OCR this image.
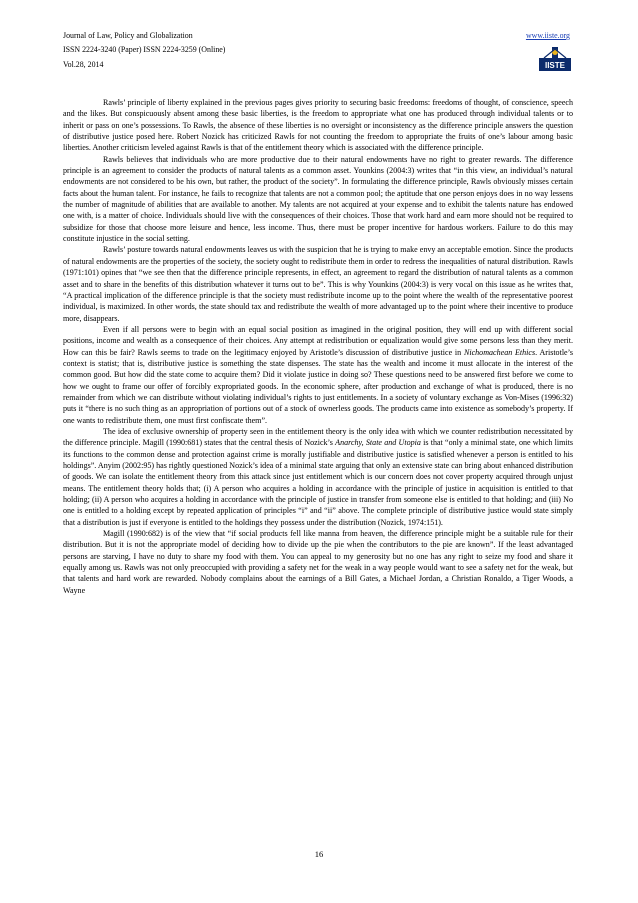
Journal of Law, Policy and Globalization
ISSN 2224-3240 (Paper) ISSN 2224-3259 (Online)
Vol.28, 2014
www.iiste.org
IISTE

Rawls’ principle of liberty explained in the previous pages gives priority to securing basic freedoms: freedoms of thought, of conscience, speech and the likes. But conspicuously absent among these basic liberties, is the freedom to appropriate what one has produced through individual talents or to inherit or pass on one’s possessions. To Rawls, the absence of these liberties is no oversight or inconsistency as the difference principle answers the question of distributive justice posed here. Robert Nozick has criticized Rawls for not counting the freedom to appropriate the fruits of one’s labour among basic liberties. Another criticism leveled against Rawls is that of the entitlement theory which is associated with the difference principle.

Rawls believes that individuals who are more productive due to their natural endowments have no right to greater rewards. The difference principle is an agreement to consider the products of natural talents as a common asset. Younkins (2004:3) writes that “in this view, an individual’s natural endowments are not considered to be his own, but rather, the product of the society”. In formulating the difference principle, Rawls obviously misses certain facts about the human talent. For instance, he fails to recognize that talents are not a common pool; the aptitude that one person enjoys does in no way lessens the number of magnitude of abilities that are available to another. My talents are not acquired at your expense and to exhibit the talents nature has endowed one with, is a matter of choice. Individuals should live with the consequences of their choices. Those that work hard and earn more should not be required to subsidize for those that choose more leisure and hence, less income. Thus, there must be proper incentive for hardous workers. Failure to do this may constitute injustice in the social setting.

Rawls’ posture towards natural endowments leaves us with the suspicion that he is trying to make envy an acceptable emotion. Since the products of natural endowments are the properties of the society, the society ought to redistribute them in order to redress the inequalities of natural distribution. Rawls (1971:101) opines that “we see then that the difference principle represents, in effect, an agreement to regard the distribution of natural talents as a common asset and to share in the benefits of this distribution whatever it turns out to be”. This is why Younkins (2004:3) is very vocal on this issue as he writes that, “A practical implication of the difference principle is that the society must redistribute income up to the point where the wealth of the representative poorest individual, is maximized. In other words, the state should tax and redistribute the wealth of more advantaged up to the point where their incentive to produce more, disappears.

Even if all persons were to begin with an equal social position as imagined in the original position, they will end up with different social positions, income and wealth as a consequence of their choices. Any attempt at redistribution or equalization would give some persons less than they merit. How can this be fair? Rawls seems to trade on the legitimacy enjoyed by Aristotle’s discussion of distributive justice in Nichomachean Ethics. Aristotle’s context is statist; that is, distributive justice is something the state dispenses. The state has the wealth and income it must allocate in the interest of the common good. But how did the state come to acquire them? Did it violate justice in doing so? These questions need to be answered first before we come to how we ought to frame our offer of forcibly expropriated goods. In the economic sphere, after production and exchange of what is produced, there is no remainder from which we can distribute without violating individual’s rights to just entitlements. In a society of voluntary exchange as Von-Mises (1996:32) puts it “there is no such thing as an appropriation of portions out of a stock of ownerless goods. The products came into existence as somebody’s property. If one wants to redistribute them, one must first confiscate them”.

The idea of exclusive ownership of property seen in the entitlement theory is the only idea with which we counter redistribution necessitated by the difference principle. Magill (1990:681) states that the central thesis of Nozick’s Anarchy, State and Utopia is that “only a minimal state, one which limits its functions to the common dense and protection against crime is morally justifiable and distributive justice is satisfied whenever a person is entitled to his holdings”. Anyim (2002:95) has rightly questioned Nozick’s idea of a minimal state arguing that only an extensive state can bring about enhanced distribution of goods. We can isolate the entitlement theory from this attack since just entitlement which is our concern does not cover property acquired through unjust means. The entitlement theory holds that; (i) A person who acquires a holding in accordance with the principle of justice in acquisition is entitled to that holding; (ii) A person who acquires a holding in accordance with the principle of justice in transfer from someone else is entitled to that holding; and (iii) No one is entitled to a holding except by repeated application of principles “i” and “ii” above. The complete principle of distributive justice would state simply that a distribution is just if everyone is entitled to the holdings they possess under the distribution (Nozick, 1974:151).

Magill (1990:682) is of the view that “if social products fell like manna from heaven, the difference principle might be a suitable rule for their distribution. But it is not the appropriate model of deciding how to divide up the pie when the contributors to the pie are known”. If the least advantaged persons are starving, I have no duty to share my food with them. You can appeal to my generosity but no one has any right to seize my food and share it equally among us. Rawls was not only preoccupied with providing a safety net for the weak in a way people would want to see a safety net for the weak, but that talents and hard work are rewarded. Nobody complains about the earnings of a Bill Gates, a Michael Jordan, a Christian Ronaldo, a Tiger Woods, a Wayne

16
